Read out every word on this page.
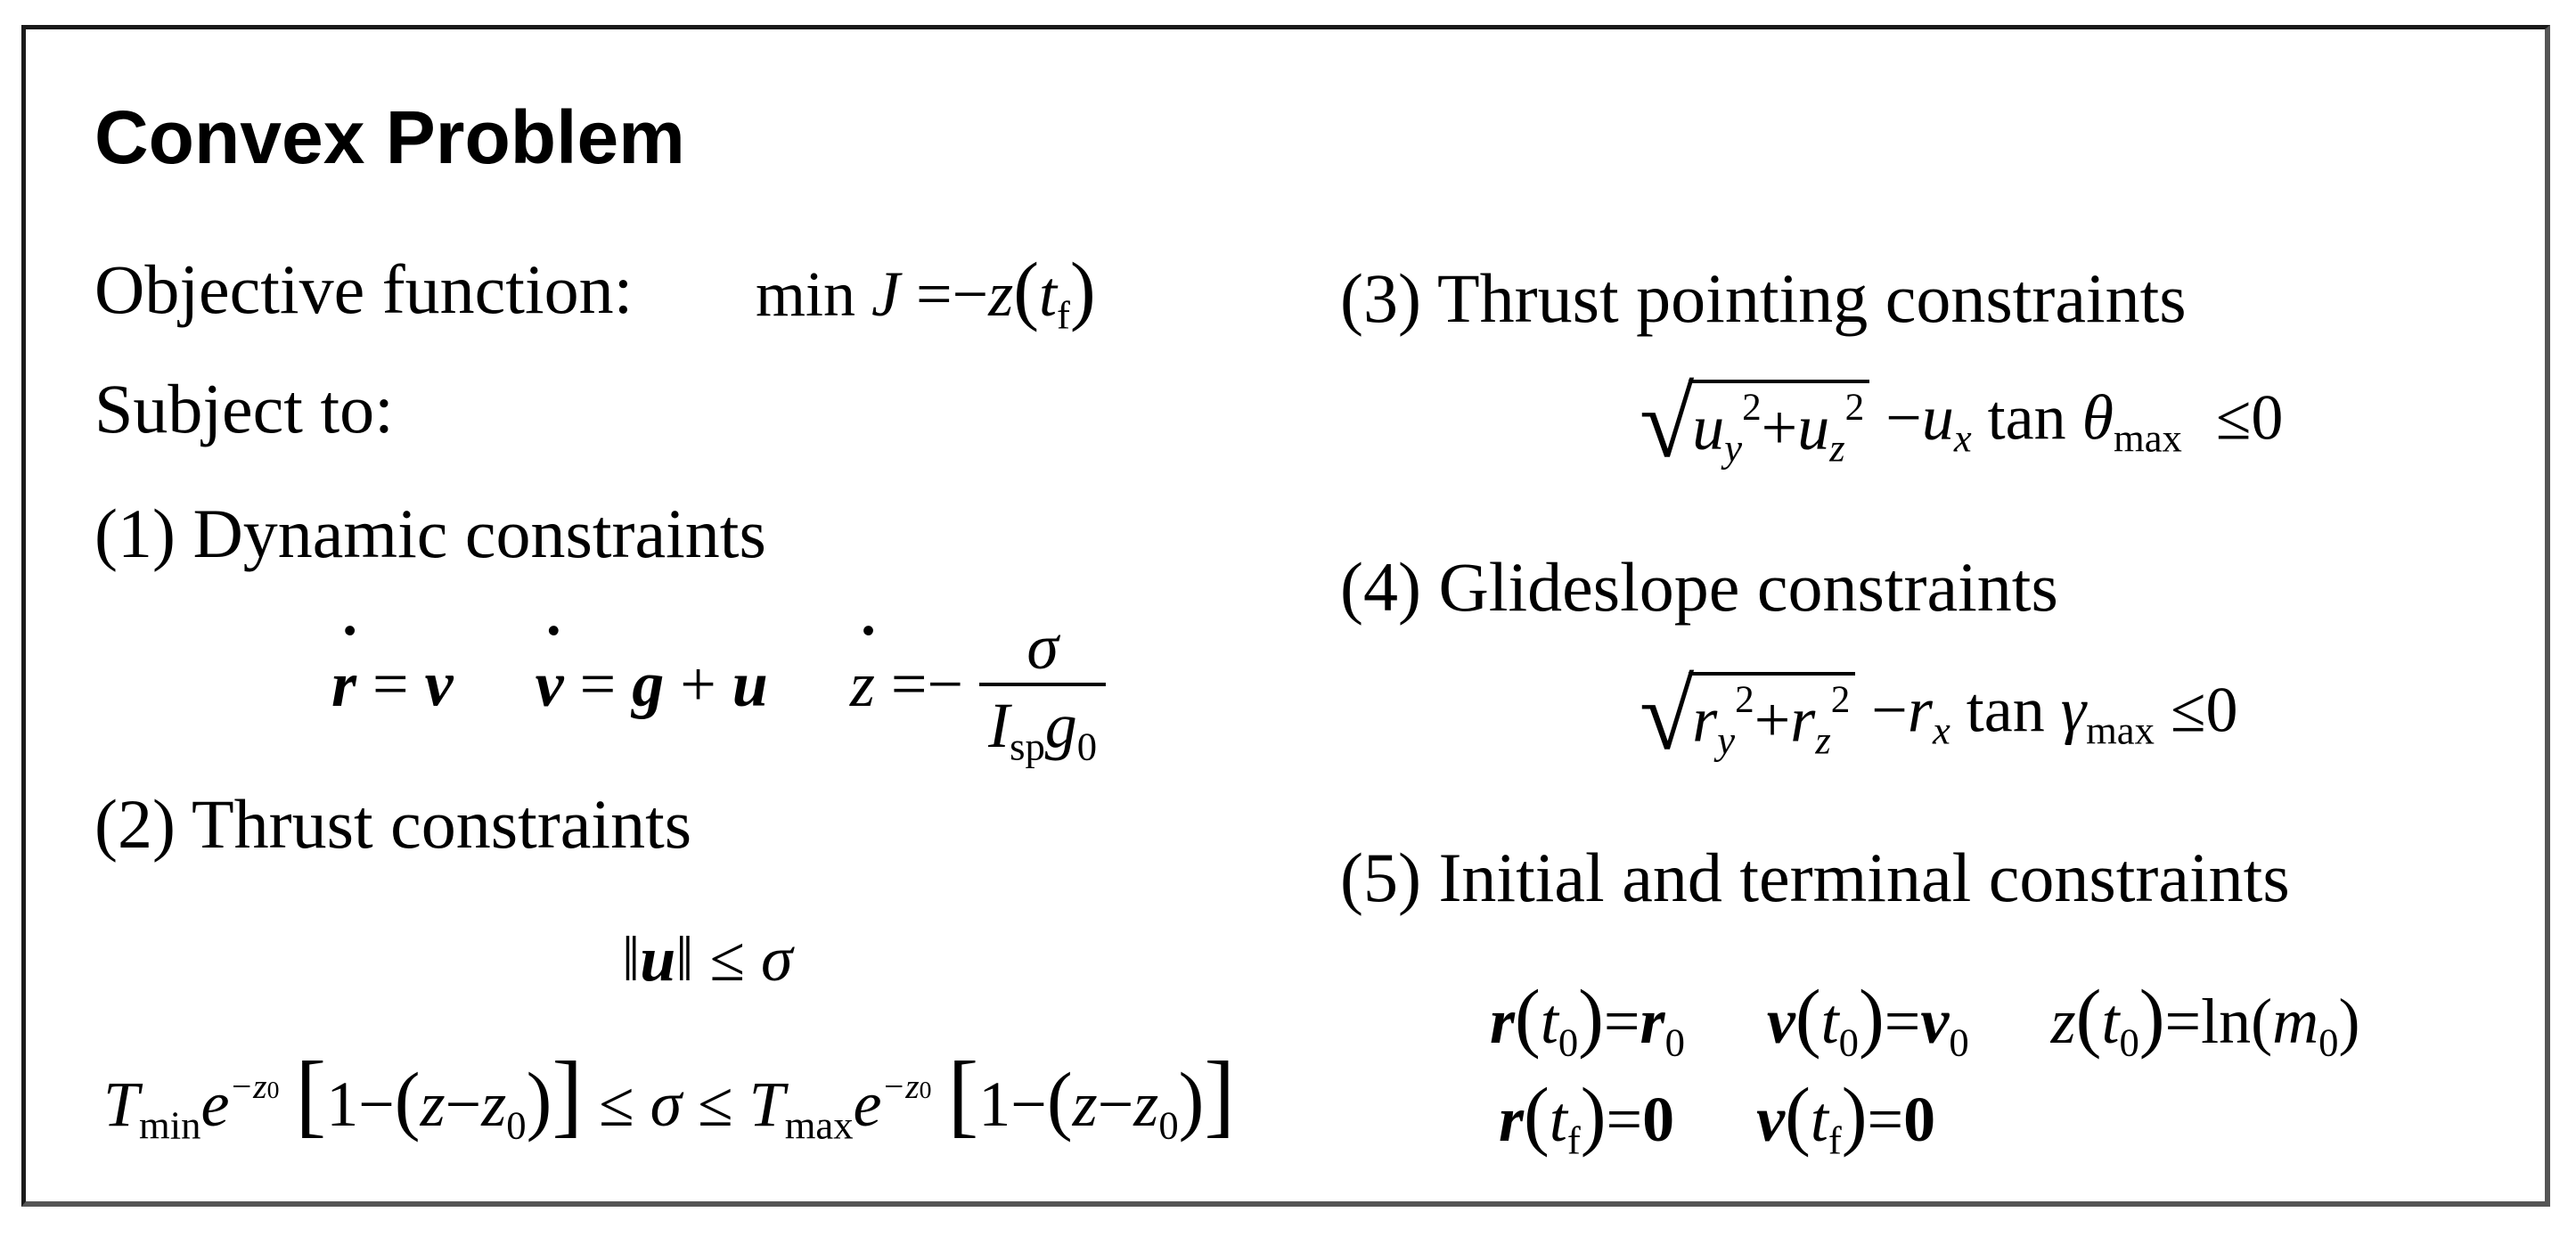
Convex Problem
Objective function: $\min J =-z(t_f)$
Subject to:
(1) Dynamic constraints
˙ r = v ˙ v = g + u ˙ $z =- \frac{\sigma}{I_{sp}g_0}$
(2) Thrust constraints
‖u‖ ≤ σ
$T_{min}e^{-z0}$ $[1-(z-z_0)] \le \sigma \le T_{max}e^{-z0}$ $[1-(z-z_0)]$
(3) Thrust pointing constraints
$√uy^2+uz^2 -ux$ $\tan \theta_{max} \le 0$
(4) Glideslope constraints
$√ry^2+rz^2 -rx$ $\tan \gamma_{max} \le 0$
(5) Initial and terminal constraints
$r(t_0)=r_0$ $v(t_0)=v_0$ $z(t_0)=\ln(m_0)$
$r(t_f)=0$ $v(t_f)=0$
